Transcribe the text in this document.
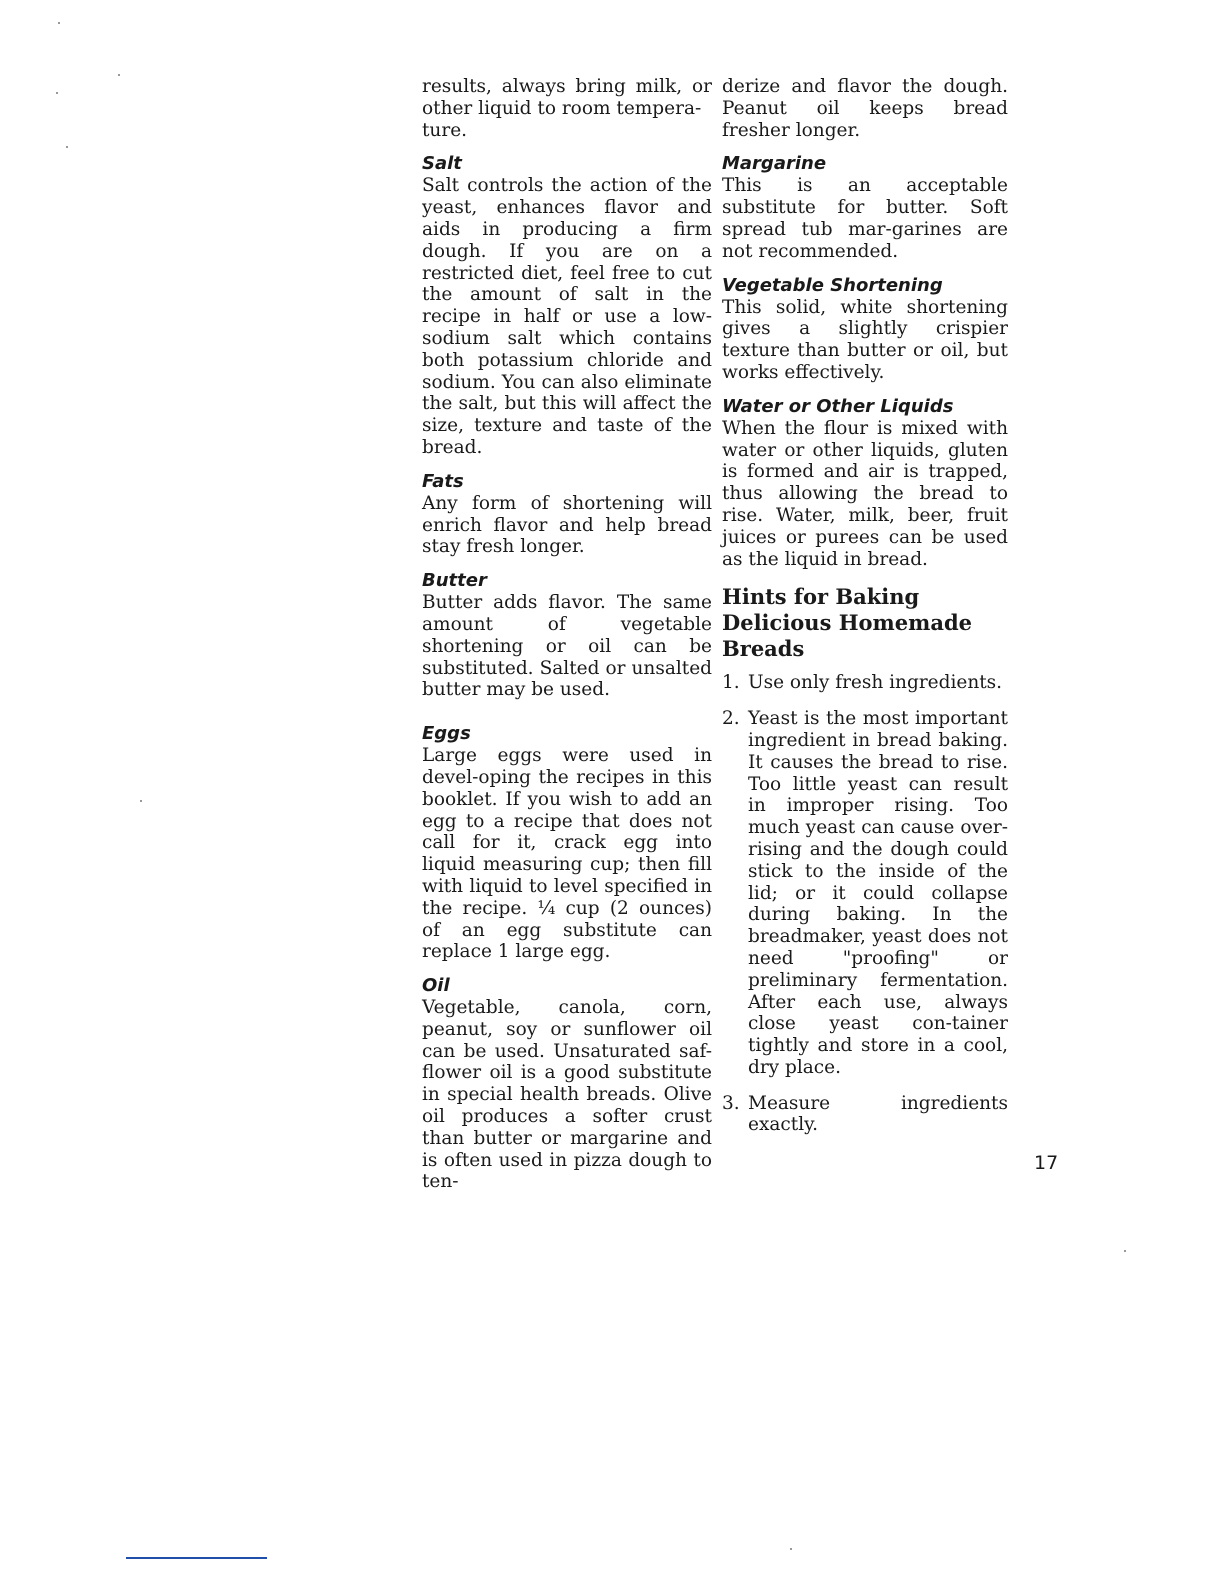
results, always bring milk, or other liquid to room tempera-
ture.

Salt

Salt controls the action of the yeast, enhances flavor and aids in producing a firm dough. If you are on a restricted diet, feel free to cut the amount of salt in the recipe in half or use a low-sodium salt which contains both potassium chloride and sodium. You can also eliminate the salt, but this will affect the size, texture and taste of the bread.

Fats

Any form of shortening will enrich flavor and help bread stay fresh longer.

Butter

Butter adds flavor. The same amount of vegetable shortening or oil can be substituted. Salted or unsalted butter may be used.

Eggs

Large eggs were used in devel-oping the recipes in this booklet. If you wish to add an egg to a recipe that does not call for it, crack egg into liquid measuring cup; then fill with liquid to level specified in the recipe. ¼ cup (2 ounces) of an egg substitute can replace 1 large egg.

Oil

Vegetable, canola, corn, peanut, soy or sunflower oil can be used. Unsaturated saf-flower oil is a good substitute in special health breads. Olive oil produces a softer crust than butter or margarine and is often used in pizza dough to ten-

derize and flavor the dough. Peanut oil keeps bread fresher longer.

Margarine

This is an acceptable substitute for butter. Soft spread tub mar-garines are not recommended.

Vegetable Shortening

This solid, white shortening gives a slightly crispier texture than butter or oil, but works effectively.

Water or Other Liquids

When the flour is mixed with water or other liquids, gluten is formed and air is trapped, thus allowing the bread to rise. Water, milk, beer, fruit juices or purees can be used as the liquid in bread.

Hints for Baking
Delicious Homemade
Breads
1. Use only fresh ingredients.

2. Yeast is the most important ingredient in bread baking. It causes the bread to rise. Too little yeast can result in improper rising. Too much yeast can cause over-rising and the dough could stick to the inside of the lid; or it could collapse during baking. In the breadmaker, yeast does not need "proofing" or preliminary fermentation. After each use, always close yeast con-tainer tightly and store in a cool, dry place.

3. Measure ingredients exactly.

17
